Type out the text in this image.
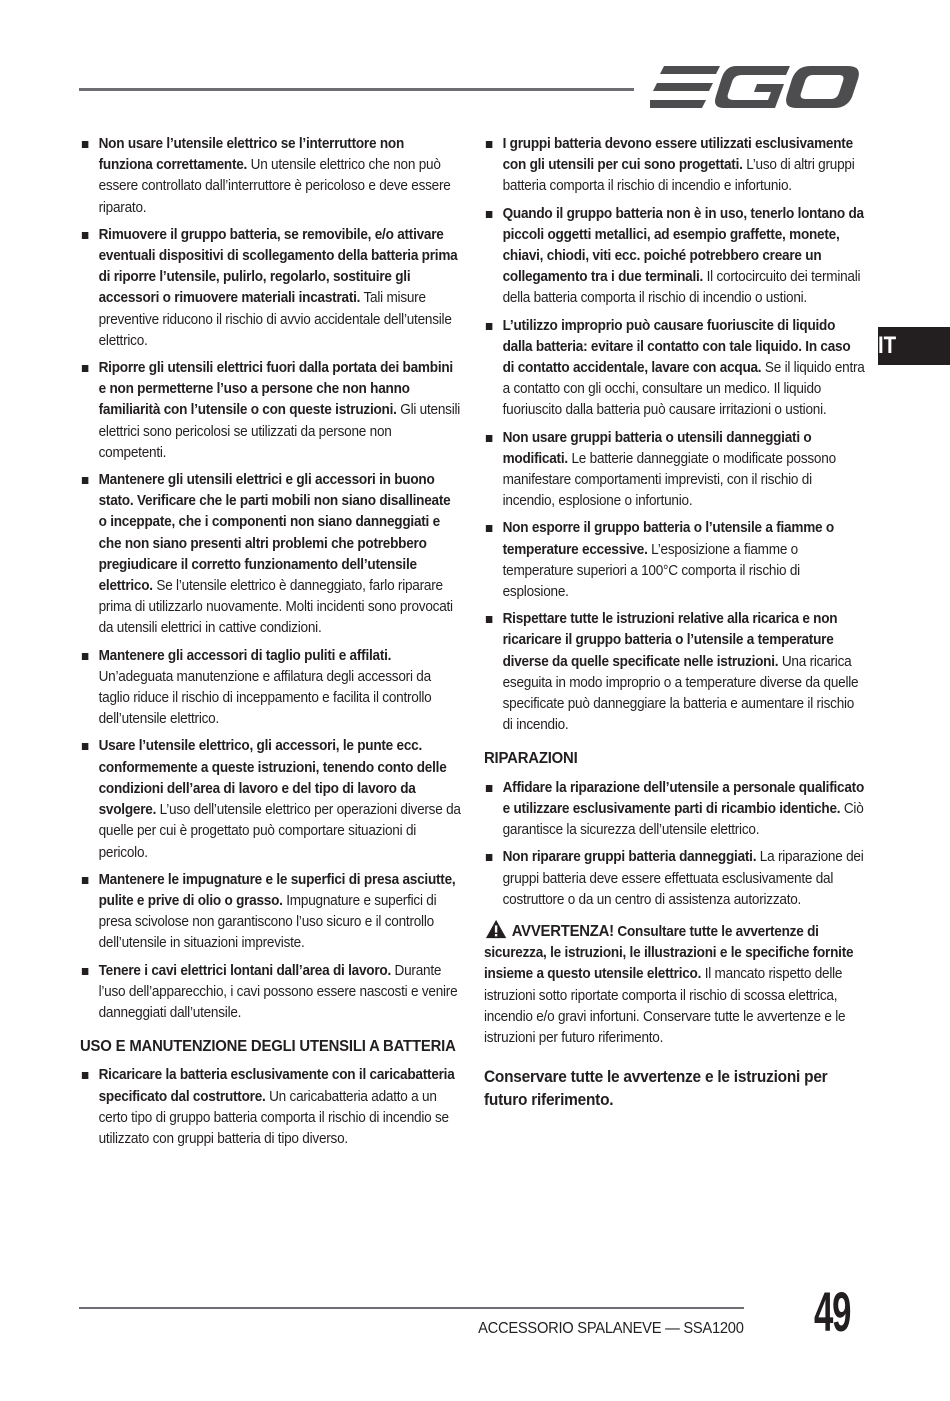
IT
Non usare l’utensile elettrico se l’interruttore non funziona correttamente. Un utensile elettrico che non può essere controllato dall’interruttore è pericoloso e deve essere riparato.
Rimuovere il gruppo batteria, se removibile, e/o attivare eventuali dispositivi di scollegamento della batteria prima di riporre l’utensile, pulirlo, regolarlo, sostituire gli accessori o rimuovere materiali incastrati. Tali misure preventive riducono il rischio di avvio accidentale dell’utensile elettrico.
Riporre gli utensili elettrici fuori dalla portata dei bambini e non permetterne l’uso a persone che non hanno familiarità con l’utensile o con queste istruzioni. Gli utensili elettrici sono pericolosi se utilizzati da persone non competenti.
Mantenere gli utensili elettrici e gli accessori in buono stato. Verificare che le parti mobili non siano disallineate o inceppate, che i componenti non siano danneggiati e che non siano presenti altri problemi che potrebbero pregiudicare il corretto funzionamento dell’utensile elettrico. Se l’utensile elettrico è danneggiato, farlo riparare prima di utilizzarlo nuovamente. Molti incidenti sono provocati da utensili elettrici in cattive condizioni.
Mantenere gli accessori di taglio puliti e affilati. Un’adeguata manutenzione e affilatura degli accessori da taglio riduce il rischio di inceppamento e facilita il controllo dell’utensile elettrico.
Usare l’utensile elettrico, gli accessori, le punte ecc. conformemente a queste istruzioni, tenendo conto delle condizioni dell’area di lavoro e del tipo di lavoro da svolgere. L’uso dell’utensile elettrico per operazioni diverse da quelle per cui è progettato può comportare situazioni di pericolo.
Mantenere le impugnature e le superfici di presa asciutte, pulite e prive di olio o grasso. Impugnature e superfici di presa scivolose non garantiscono l’uso sicuro e il controllo dell’utensile in situazioni impreviste.
Tenere i cavi elettrici lontani dall’area di lavoro. Durante l’uso dell’apparecchio, i cavi possono essere nascosti e venire danneggiati dall’utensile.
USO E MANUTENZIONE DEGLI UTENSILI A BATTERIA
Ricaricare la batteria esclusivamente con il caricabatteria specificato dal costruttore. Un caricabatteria adatto a un certo tipo di gruppo batteria comporta il rischio di incendio se utilizzato con gruppi batteria di tipo diverso.
I gruppi batteria devono essere utilizzati esclusivamente con gli utensili per cui sono progettati. L’uso di altri gruppi batteria comporta il rischio di incendio e infortunio.
Quando il gruppo batteria non è in uso, tenerlo lontano da piccoli oggetti metallici, ad esempio graffette, monete, chiavi, chiodi, viti ecc. poiché potrebbero creare un collegamento tra i due terminali. Il cortocircuito dei terminali della batteria comporta il rischio di incendio o ustioni.
L’utilizzo improprio può causare fuoriuscite di liquido dalla batteria: evitare il contatto con tale liquido. In caso di contatto accidentale, lavare con acqua. Se il liquido entra a contatto con gli occhi, consultare un medico. Il liquido fuoriuscito dalla batteria può causare irritazioni o ustioni.
Non usare gruppi batteria o utensili danneggiati o modificati. Le batterie danneggiate o modificate possono manifestare comportamenti imprevisti, con il rischio di incendio, esplosione o infortunio.
Non esporre il gruppo batteria o l’utensile a fiamme o temperature eccessive. L’esposizione a fiamme o temperature superiori a 100°C comporta il rischio di esplosione.
Rispettare tutte le istruzioni relative alla ricarica e non ricaricare il gruppo batteria o l’utensile a temperature diverse da quelle specificate nelle istruzioni. Una ricarica eseguita in modo improprio o a temperature diverse da quelle specificate può danneggiare la batteria e aumentare il rischio di incendio.
RIPARAZIONI
Affidare la riparazione dell’utensile a personale qualificato e utilizzare esclusivamente parti di ricambio identiche. Ciò garantisce la sicurezza dell’utensile elettrico.
Non riparare gruppi batteria danneggiati. La riparazione dei gruppi batteria deve essere effettuata esclusivamente dal costruttore o da un centro di assistenza autorizzato.
AVVERTENZA! Consultare tutte le avvertenze di sicurezza, le istruzioni, le illustrazioni e le specifiche fornite insieme a questo utensile elettrico. Il mancato rispetto delle istruzioni sotto riportate comporta il rischio di scossa elettrica, incendio e/o gravi infortuni. Conservare tutte le avvertenze e le istruzioni per futuro riferimento.
Conservare tutte le avvertenze e le istruzioni per futuro riferimento.
ACCESSORIO SPALANEVE — SSA1200 49
